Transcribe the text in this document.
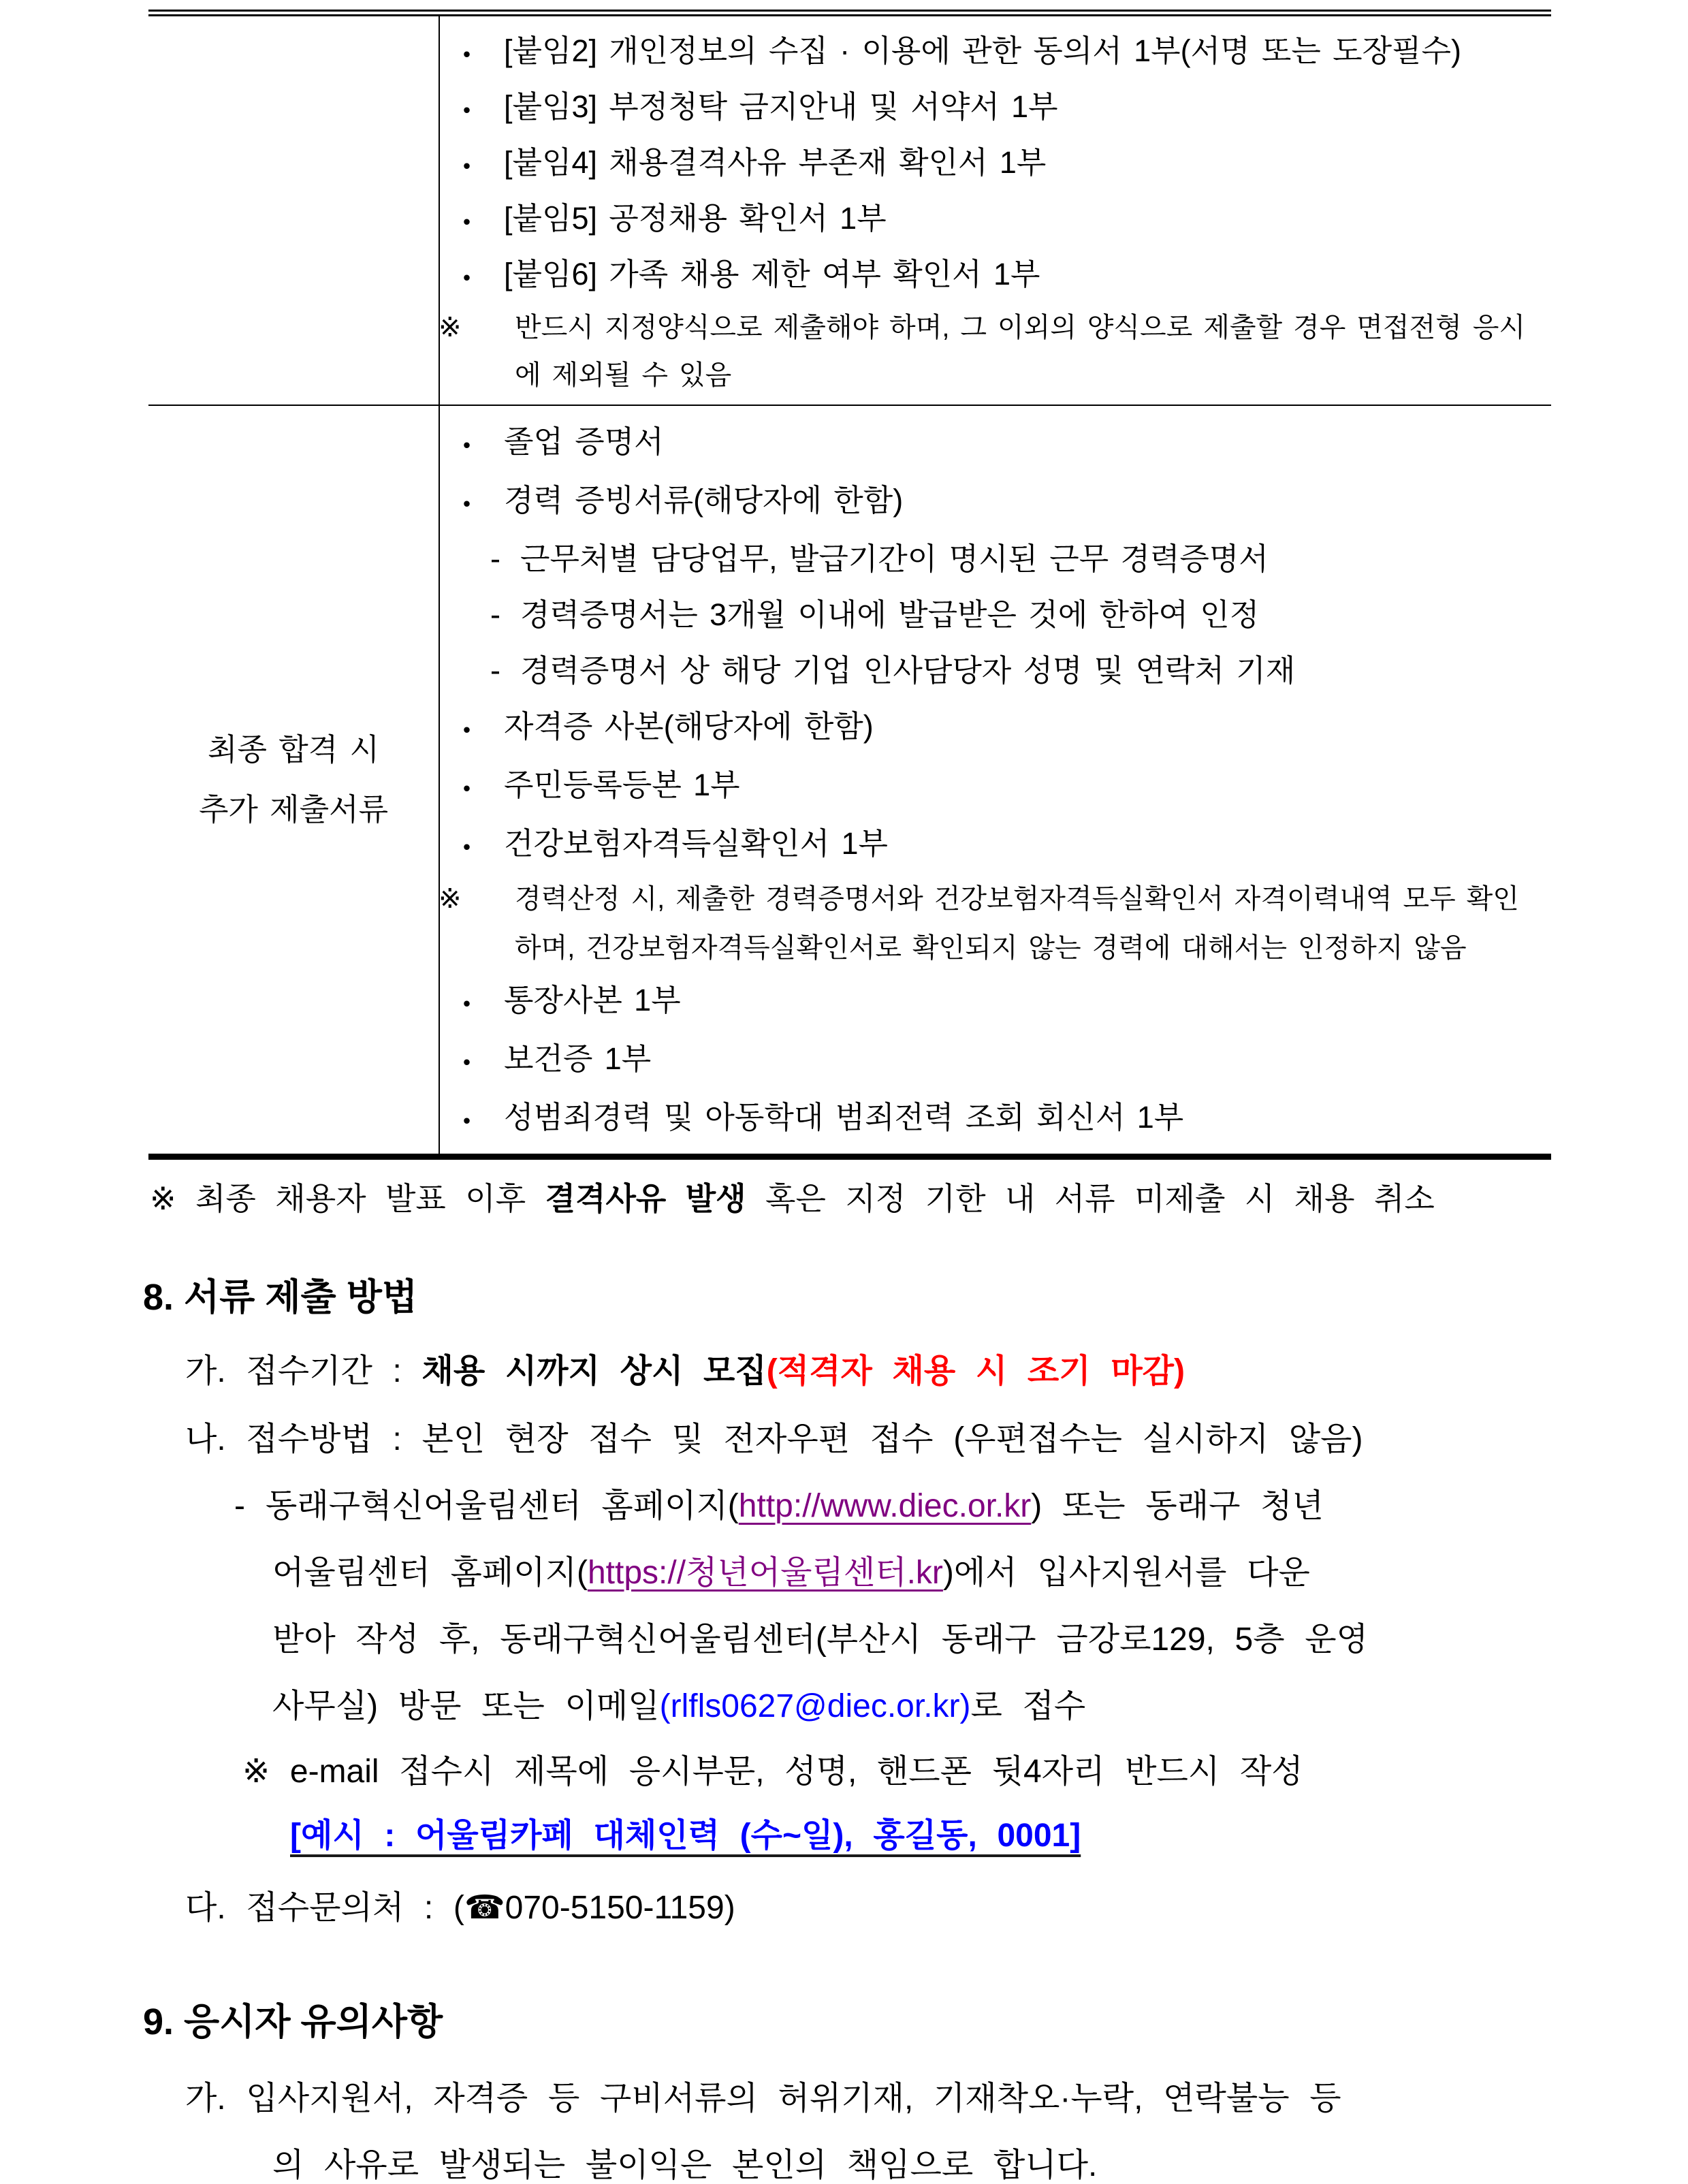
• [붙임2] 개인정보의 수집 · 이용에 관한 동의서 1부(서명 또는 도장필수)
• [붙임3] 부정청탁 금지안내 및 서약서 1부
• [붙임4] 채용결격사유 부존재 확인서 1부
• [붙임5] 공정채용 확인서 1부
• [붙임6] 가족 채용 제한 여부 확인서 1부
※ 반드시 지정양식으로 제출해야 하며, 그 이외의 양식으로 제출할 경우 면접전형 응시에 제외될 수 있음
최종 합격 시
추가 제출서류
• 졸업 증명서
• 경력 증빙서류(해당자에 한함)
- 근무처별 담당업무, 발급기간이 명시된 근무 경력증명서
- 경력증명서는 3개월 이내에 발급받은 것에 한하여 인정
- 경력증명서 상 해당 기업 인사담당자 성명 및 연락처 기재
• 자격증 사본(해당자에 한함)
• 주민등록등본 1부
• 건강보험자격득실확인서 1부
※ 경력산정 시, 제출한 경력증명서와 건강보험자격득실확인서 자격이력내역 모두 확인하며, 건강보험자격득실확인서로 확인되지 않는 경력에 대해서는 인정하지 않음
• 통장사본 1부
• 보건증 1부
• 성범죄경력 및 아동학대 범죄전력 조회 회신서 1부
※ 최종 채용자 발표 이후 결격사유 발생 혹은 지정 기한 내 서류 미제출 시 채용 취소
8. 서류 제출 방법
가. 접수기간 : 채용 시까지 상시 모집(적격자 채용 시 조기 마감)
나. 접수방법 : 본인 현장 접수 및 전자우편 접수 (우편접수는 실시하지 않음)
- 동래구혁신어울림센터 홈페이지(http://www.diec.or.kr) 또는 동래구 청년
어울림센터 홈페이지(https://청년어울림센터.kr)에서 입사지원서를 다운
받아 작성 후, 동래구혁신어울림센터(부산시 동래구 금강로129, 5층 운영
사무실) 방문 또는 이메일(rlfls0627@diec.or.kr)로 접수
※ e-mail 접수시 제목에 응시부문, 성명, 핸드폰 뒷4자리 반드시 작성
[예시 : 어울림카페 대체인력 (수~일), 홍길동, 0001]
다. 접수문의처 : (☎070-5150-1159)
9. 응시자 유의사항
가. 입사지원서, 자격증 등 구비서류의 허위기재, 기재착오·누락, 연락불능 등
의 사유로 발생되는 불이익은 본인의 책임으로 합니다.
